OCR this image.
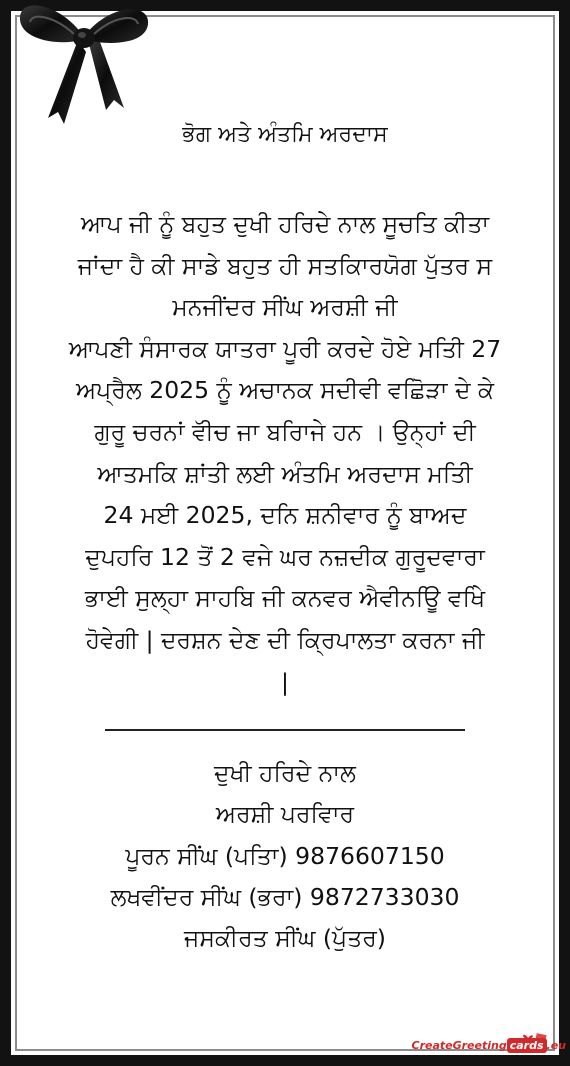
ਭੋਗ ਅਤੇ ਅੰਤਮਿ ਅਰਦਾਸ

ਆਪ ਜੀ ਨੂੰ ਬਹੁਤ ਦੁਖੀ ਹਰਿਦੇ ਨਾਲ ਸੂਚਤਿ ਕੀਤਾ
ਜਾਂਦਾ ਹੈ ਕੀ ਸਾਡੇ ਬਹੁਤ ਹੀ ਸਤਕਿਾਰਯੋਗ ਪੁੱਤਰ ਸ
ਮਨਜੀਂਦਰ ਸੀਂਘ ਅਰਸ਼ੀ ਜੀ
ਆਪਣੀ ਸੰਸਾਰਕ ਯਾਤਰਾ ਪੂਰੀ ਕਰਦੇ ਹੋਏ ਮਤਿੀ 27
ਅਪ੍ਰੈਲ 2025 ਨੂੰ ਅਚਾਨਕ ਸਦੀਵੀ ਵਛਿੋੜਾ ਦੇ ਕੇ
ਗੁਰੂ ਚਰਨਾਂ ਵੀੱਚ ਜਾ ਬਰਿਾਜੇ ਹਨ । ਉਨ੍ਹਾਂ ਦੀ
ਆਤਮਕਿ ਸ਼ਾਂਤੀ ਲਈ ਅੰਤਮਿ ਅਰਦਾਸ ਮਤਿੀ
24 ਮਈ 2025, ਦਨਿ ਸ਼ਨੀਵਾਰ ਨੂੰ ਬਾਅਦ
ਦੁਪਹਰਿ 12 ਤੋਂ 2 ਵਜੇ ਘਰ ਨਜ਼ਦੀਕ ਗੁਰੂਦਵਾਰਾ
ਭਾਈ ਸੁਲ੍ਹਾ ਸਾਹਬਿ ਜੀ ਕਨਵਰ ਐਵੀਨਊਿ ਵਖਿੇ
ਹੋਵੇਗੀ | ਦਰਸ਼ਨ ਦੇਣ ਦੀ ਕ੍ਰਿਪਾਲਤਾ ਕਰਨਾ ਜੀ
|

ਦੁਖੀ ਹਰਿਦੇ ਨਾਲ
ਅਰਸ਼ੀ ਪਰਵਿਾਰ
ਪੂਰਨ ਸੀਂਘ (ਪਤਿਾ) 9876607150
ਲਖਵੀਂਦਰ ਸੀਂਘ (ਭਰਾ) 9872733030
ਜਸਕੀਰਤ ਸੀਂਘ (ਪੁੱਤਰ)

CreateGreeting cards .eu
